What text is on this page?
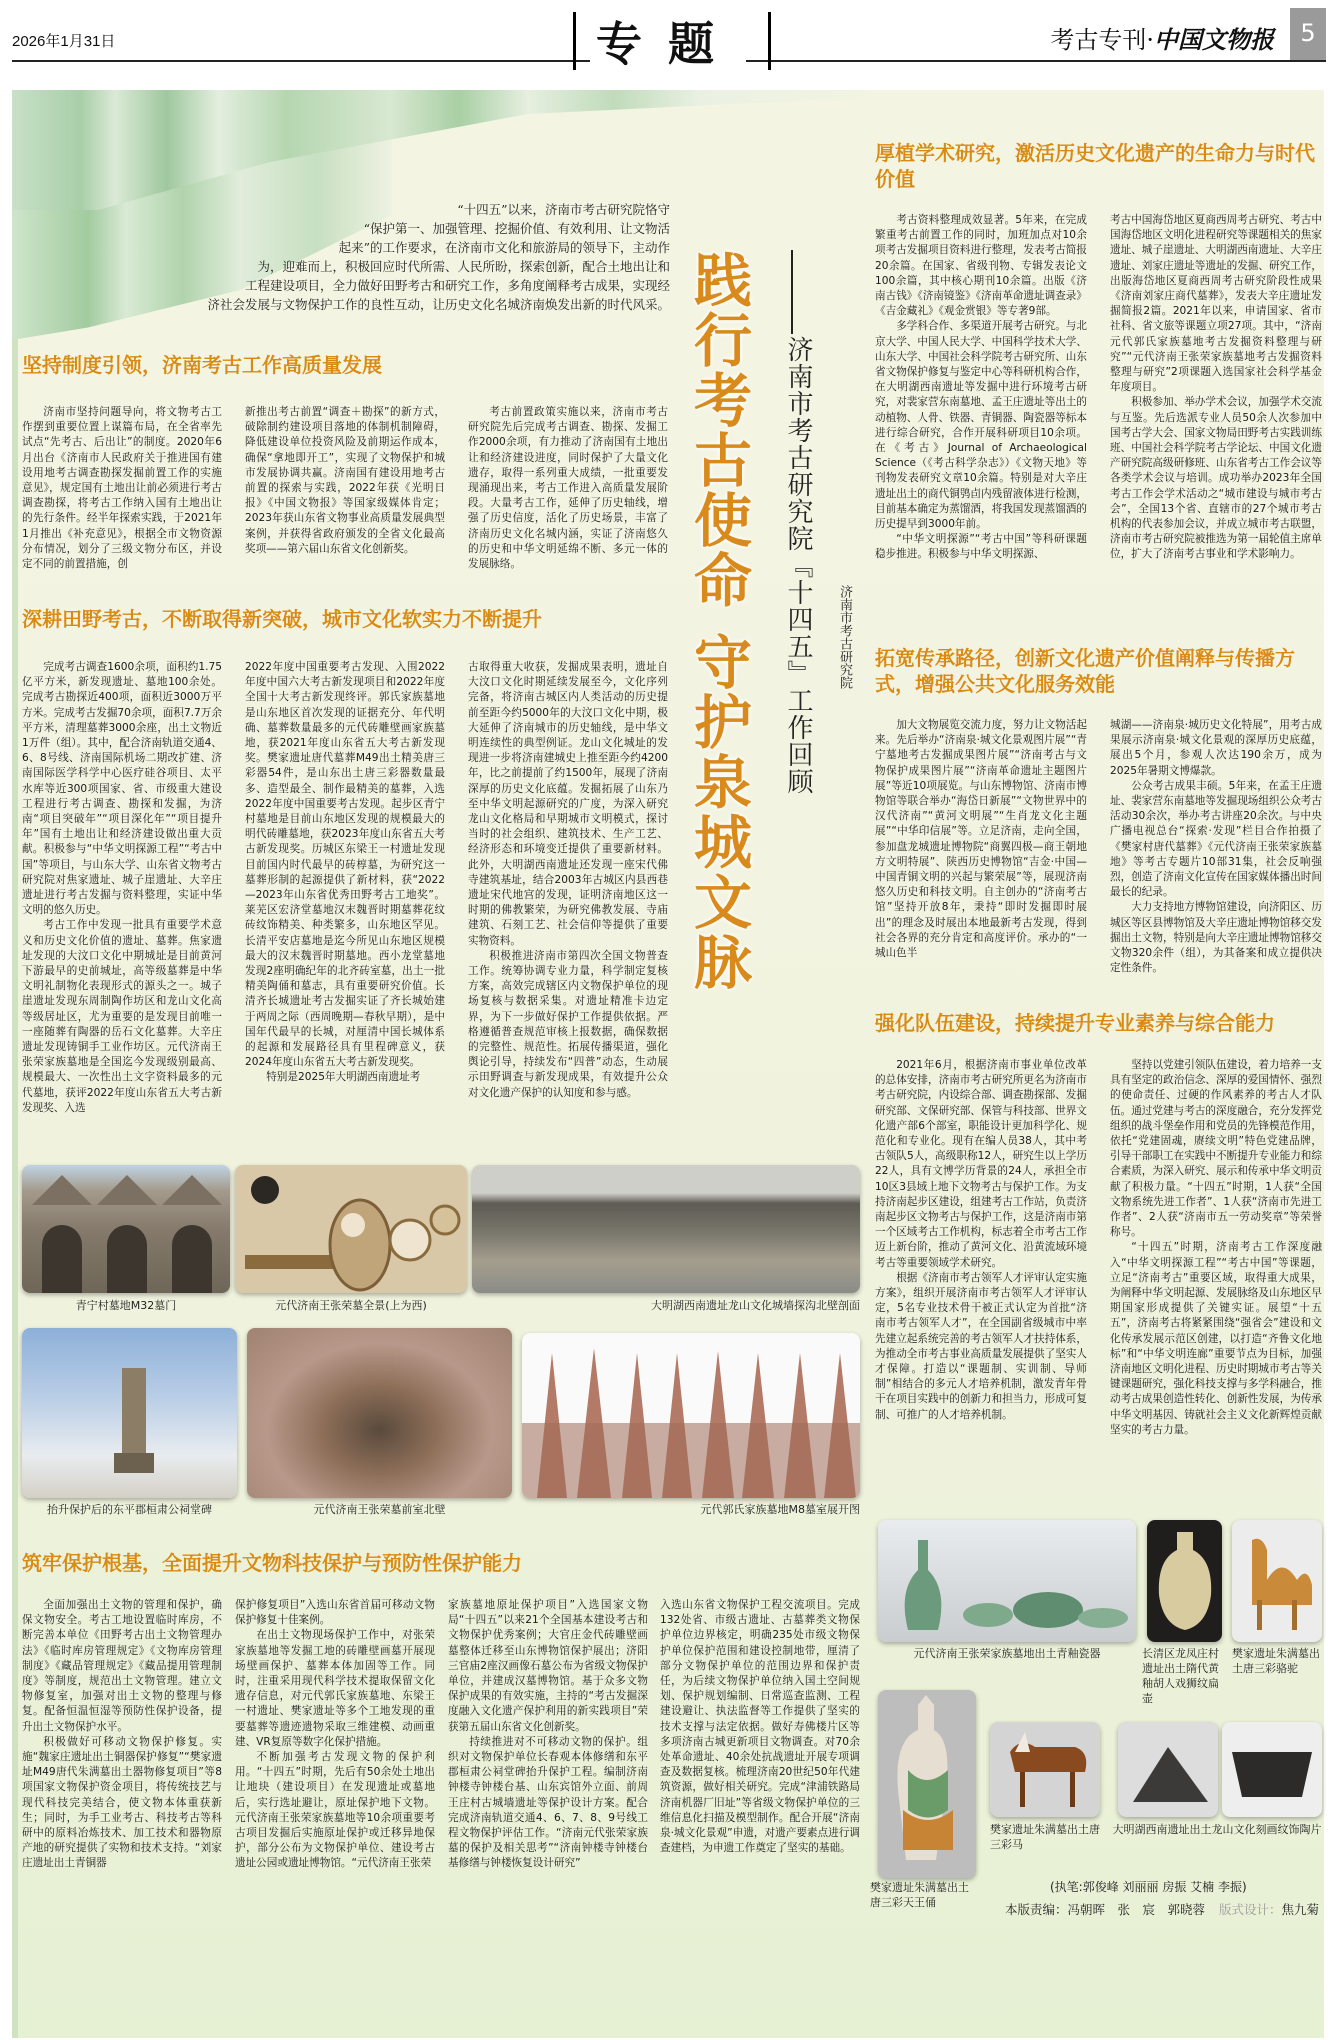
2026年1月31日	专题	考古专刊·中国文物报	5
“十四五”以来，济南市考古研究院恪守
“保护第一、加强管理、挖掘价值、有效利用、让文物活
起来”的工作要求，在济南市文化和旅游局的领导下，主动作
为，迎难而上，积极回应时代所需、人民所盼，探索创新，配合土地出让和
工程建设项目，全力做好田野考古和研究工作，多角度阐释考古成果，实现经
济社会发展与文物保护工作的良性互动，让历史文化名城济南焕发出新的时代风采。 践行考古使命 守护泉城文脉	济南市考古研究院『十四五』工作回顾	济南市考古研究院
坚持制度引领，济南考古工作高质量发展

济南市坚持问题导向，将文物考古工作摆到重要位置上谋篇布局，在全省率先试点“先考古、后出让”的制度。2020年6月出台《济南市人民政府关于推进国有建设用地考古调查勘探发掘前置工作的实施意见》，规定国有土地出让前必须进行考古调查勘探，将考古工作纳入国有土地出让的先行条件。经半年探索实践，于2021年1月推出《补充意见》，根据全市文物资源分布情况，划分了三级文物分布区，并设定不同的前置措施，创

新推出考古前置“调查＋勘探”的新方式，破除制约建设项目落地的体制机制障碍，降低建设单位投资风险及前期运作成本，确保“拿地即开工”，实现了文物保护和城市发展协调共赢。济南国有建设用地考古前置的探索与实践，2022年获《光明日报》《中国文物报》等国家级媒体肯定；2023年获山东省文物事业高质量发展典型案例，并获得省政府颁发的全省文化最高奖项——第六届山东省文化创新奖。

考古前置政策实施以来，济南市考古研究院先后完成考古调查、勘探、发掘工作2000余项，有力推动了济南国有土地出让和经济建设进度，同时保护了大量文化遗存，取得一系列重大成绩，一批重要发现涌现出来，考古工作进入高质量发展阶段。大量考古工作，延伸了历史轴线，增强了历史信度，活化了历史场景，丰富了济南历史文化名城内涵，实证了济南悠久的历史和中华文明延绵不断、多元一体的发展脉络。

深耕田野考古，不断取得新突破，城市文化软实力不断提升

完成考古调查1600余项，面积约1.75亿平方米，新发现遗址、墓地100余处。完成考古勘探近400项，面积近3000万平方米。完成考古发掘70余项，面积7.7万余平方米，清理墓葬3000余座，出土文物近1万件（组）。其中，配合济南轨道交通4、6、8号线、济南国际机场二期改扩建、济南国际医学科学中心医疗硅谷项目、太平水库等近300项国家、省、市级重大建设工程进行考古调查、勘探和发掘，为济南“项目突破年”“项目深化年”“项目提升年”国有土地出让和经济建设做出重大贡献。积极参与“中华文明探源工程”“考古中国”等项目，与山东大学、山东省文物考古研究院对焦家遗址、城子崖遗址、大辛庄遗址进行考古发掘与资料整理，实证中华文明的悠久历史。

考古工作中发现一批具有重要学术意义和历史文化价值的遗址、墓葬。焦家遗址发现的大汶口文化中期城址是目前黄河下游最早的史前城址，高等级墓葬是中华文明礼制物化表现形式的源头之一。城子崖遗址发现东周制陶作坊区和龙山文化高等级居址区，尤为重要的是发现目前唯一一座随葬有陶器的岳石文化墓葬。大辛庄遗址发现铸铜手工业作坊区。元代济南王张荣家族墓地是全国迄今发现级别最高、规模最大、一次性出土文字资料最多的元代墓地，获评2022年度山东省五大考古新发现奖、入选

2022年度中国重要考古发现、入围2022年度中国六大考古新发现项目和2022年度全国十大考古新发现终评。郭氏家族墓地是山东地区首次发现的证据充分、年代明确、墓葬数量最多的元代砖雕壁画家族墓地，获2021年度山东省五大考古新发现奖。樊家遗址唐代墓葬M49出土精美唐三彩器54件，是山东出土唐三彩器数量最多、造型最全、制作最精美的墓葬，入选2022年度中国重要考古发现。起步区青宁村墓地是目前山东地区发现的规模最大的明代砖雕墓地，获2023年度山东省五大考古新发现奖。历城区东梁王一村遗址发现目前国内时代最早的砖椁墓，为研究这一墓葬形制的起源提供了新材料，获“2022—2023年山东省优秀田野考古工地奖”。莱芜区宏济堂墓地汉末魏晋时期墓葬花纹砖纹饰精美、种类繁多，山东地区罕见。长清平安店墓地是迄今所见山东地区规模最大的汉末魏晋时期墓地。西小龙堂墓地发现2座明确纪年的北齐砖室墓，出土一批精美陶俑和墓志，具有重要研究价值。长清齐长城遗址考古发掘实证了齐长城始建于两周之际（西周晚期—春秋早期），是中国年代最早的长城，对厘清中国长城体系的起源和发展路径具有里程碑意义，获2024年度山东省五大考古新发现奖。

特别是2025年大明湖西南遗址考

古取得重大收获，发掘成果表明，遗址自大汶口文化时期延续发展至今，文化序列完备，将济南古城区内人类活动的历史提前至距今约5000年的大汶口文化中期，极大延伸了济南城市的历史轴线，是中华文明连续性的典型例证。龙山文化城址的发现进一步将济南建城史上推至距今约4200年，比之前提前了约1500年，展现了济南深厚的历史文化底蕴。发掘拓展了山东乃至中华文明起源研究的广度，为深入研究龙山文化格局和早期城市文明模式，探讨当时的社会组织、建筑技术、生产工艺、经济形态和环境变迁提供了重要新材料。此外，大明湖西南遗址还发现一座宋代佛寺建筑基址，结合2003年古城区内县西巷遗址宋代地宫的发现，证明济南地区这一时期的佛教繁荣，为研究佛教发展、寺庙建筑、石刻工艺、社会信仰等提供了重要实物资料。

积极推进济南市第四次全国文物普查工作。统筹协调专业力量，科学制定复核方案，高效完成辖区内文物保护单位的现场复核与数据采集。对遗址精准卡边定界，为下一步做好保护工作提供依据。严格遵循普查规范审核上报数据，确保数据的完整性、规范性。拓展传播渠道，强化舆论引导，持续发布“四普”动态，生动展示田野调查与新发现成果，有效提升公众对文化遗产保护的认知度和参与感。

厚植学术研究，激活历史文化遗产的生命力与时代价值

考古资料整理成效显著。5年来，在完成繁重考古前置工作的同时，加班加点对10余项考古发掘项目资料进行整理，发表考古简报20余篇。在国家、省级刊物、专辑发表论文100余篇，其中核心期刊10余篇。出版《济南古钱》《济南镜鉴》《济南革命遗址调查录》《吉金藏礼》《观金赏银》等专著9部。

多学科合作、多渠道开展考古研究。与北京大学、中国人民大学、中国科学技术大学、山东大学、中国社会科学院考古研究所、山东省文物保护修复与鉴定中心等科研机构合作，在大明湖西南遗址等发掘中进行环境考古研究，对裴家营东南墓地、孟王庄遗址等出土的动植物、人骨、铁器、青铜器、陶瓷器等标本进行综合研究，合作开展科研项目10余项。在《考古》Journal of Archaeological Science（《考古科学杂志》）《文物天地》等刊物发表研究文章10余篇。特别是对大辛庄遗址出土的商代铜鸮卣内残留液体进行检测，目前基本确定为蒸馏酒，将我国发现蒸馏酒的历史提早到3000年前。

“中华文明探源”“考古中国”等科研课题稳步推进。积极参与中华文明探源、

考古中国海岱地区夏商西周考古研究、考古中国海岱地区文明化进程研究等课题相关的焦家遗址、城子崖遗址、大明湖西南遗址、大辛庄遗址、刘家庄遗址等遗址的发掘、研究工作，出版海岱地区夏商西周考古研究阶段性成果《济南刘家庄商代墓葬》，发表大辛庄遗址发掘简报2篇。2021年以来，申请国家、省市社科、省文旅等课题立项27项。其中，“济南元代郭氏家族墓地考古发掘资料整理与研究”“元代济南王张荣家族墓地考古发掘资料整理与研究”2项课题入选国家社会科学基金年度项目。

积极参加、举办学术会议，加强学术交流与互鉴。先后选派专业人员50余人次参加中国考古学大会、国家文物局田野考古实践训练班、中国社会科学院考古学论坛、中国文化遗产研究院高级研修班、山东省考古工作会议等各类学术会议与培训。成功举办2023年全国考古工作会学术活动之“城市建设与城市考古会”，全国13个省、直辖市的27个城市考古机构的代表参加会议，并成立城市考古联盟，济南市考古研究院被推选为第一届轮值主席单位，扩大了济南考古事业和学术影响力。

拓宽传承路径，创新文化遗产价值阐释与传播方式，增强公共文化服务效能

加大文物展览交流力度，努力让文物活起来。先后举办“济南泉·城文化景观图片展”“青宁墓地考古发掘成果图片展”“济南考古与文物保护成果图片展”“济南革命遗址主题图片展”等近10项展览。与山东博物馆、济南市博物馆等联合举办“海岱日新展”“文物世界中的汉代济南”“黄河文明展”“生肖龙文化主题展”“中华印信展”等。立足济南，走向全国，参加盘龙城遗址博物院“商翼四极—商王朝地方文明特展”、陕西历史博物馆“吉金·中国—中国青铜文明的兴起与繁荣展”等，展现济南悠久历史和科技文明。自主创办的“济南考古馆”坚持开放8年，秉持“即时发掘即时展出”的理念及时展出本地最新考古发现，得到社会各界的充分肯定和高度评价。承办的“一城山色半

城湖——济南泉·城历史文化特展”，用考古成果展示济南泉·城文化景观的深厚历史底蕴，展出5个月，参观人次达190余万，成为2025年暑期文博爆款。

公众考古成果丰硕。5年来，在孟王庄遗址、裴家营东南墓地等发掘现场组织公众考古活动30余次，举办考古讲座20余次。与中央广播电视总台“探索·发现”栏目合作拍摄了《樊家村唐代墓葬》《元代济南王张荣家族墓地》等考古专题片10部31集，社会反响强烈，创造了济南文化宣传在国家媒体播出时间最长的纪录。

大力支持地方博物馆建设，向济阳区、历城区等区县博物馆及大辛庄遗址博物馆移交发掘出土文物，特别是向大辛庄遗址博物馆移交文物320余件（组），为其备案和成立提供决定性条件。

强化队伍建设，持续提升专业素养与综合能力

2021年6月，根据济南市事业单位改革的总体安排，济南市考古研究所更名为济南市考古研究院，内设综合部、调查勘探部、发掘研究部、文保研究部、保管与科技部、世界文化遗产部6个部室，职能设计更加科学化、规范化和专业化。现有在编人员38人，其中考古领队5人，高级职称12人，研究生以上学历22人，具有文博学历背景的24人，承担全市10区3县域上地下文物考古与保护工作。为支持济南起步区建设，组建考古工作站，负责济南起步区文物考古与保护工作，这是济南市第一个区域考古工作机构，标志着全市考古工作迈上新台阶，推动了黄河文化、沿黄流域环境考古等重要领域学术研究。

根据《济南市考古领军人才评审认定实施方案》，组织开展济南市考古领军人才评审认定，5名专业技术骨干被正式认定为首批“济南市考古领军人才”，在全国副省级城市中率先建立起系统完善的考古领军人才扶持体系，为推动全市考古事业高质量发展提供了坚实人才保障。打造以“课题制、实训制、导师制”相结合的多元人才培养机制，激发青年骨干在项目实践中的创新力和担当力，形成可复制、可推广的人才培养机制。

坚持以党建引领队伍建设，着力培养一支具有坚定的政治信念、深厚的爱国情怀、强烈的使命责任、过硬的作风素养的考古人才队伍。通过党建与考古的深度融合，充分发挥党组织的战斗堡垒作用和党员的先锋模范作用，依托“党建固魂，赓续文明”特色党建品牌，引导干部职工在实践中不断提升专业能力和综合素质，为深入研究、展示和传承中华文明贡献了积极力量。“十四五”时期，1人获“全国文物系统先进工作者”、1人获“济南市先进工作者”、2人获“济南市五一劳动奖章”等荣誉称号。

“十四五”时期，济南考古工作深度融入“中华文明探源工程”“考古中国”等课题，立足“济南考古”重要区域，取得重大成果，为阐释中华文明起源、发展脉络及山东地区早期国家形成提供了关键实证。展望“十五五”，济南考古将紧紧围绕“强省会”建设和文化传承发展示范区创建，以打造“齐鲁文化地标”和“中华文明连廊”重要节点为目标，加强济南地区文明化进程、历史时期城市考古等关键课题研究，强化科技支撑与多学科融合，推动考古成果创造性转化、创新性发展，为传承中华文明基因、铸就社会主义文化新辉煌贡献坚实的考古力量。

青宁村墓地M32墓门	元代济南王张荣墓全景(上为西)	大明湖西南遗址龙山文化城墙探沟北壁剖面
抬升保护后的东平郡桓肃公祠堂碑	元代济南王张荣墓前室北壁	元代郭氏家族墓地M8墓室展开图
筑牢保护根基，全面提升文物科技保护与预防性保护能力

全面加强出土文物的管理和保护，确保文物安全。考古工地设置临时库房，不断完善本单位《田野考古出土文物管理办法》《临时库房管理规定》《文物库房管理制度》《藏品管理规定》《藏品提用管理制度》等制度，规范出土文物管理。建立文物修复室，加强对出土文物的整理与修复。配备恒温恒湿等预防性保护设备，提升出土文物保护水平。

积极做好可移动文物保护修复。实施“魏家庄遗址出土铜器保护修复”“樊家遗址M49唐代朱满墓出土器物修复项目”等8项国家文物保护资金项目，将传统技艺与现代科技完美结合，使文物本体重获新生；同时，为手工业考古、科技考古等科研中的原料冶炼技术、加工技术和器物原产地的研究提供了实物和技术支持。“刘家庄遗址出土青铜器

保护修复项目”入选山东省首届可移动文物保护修复十佳案例。

在出土文物现场保护工作中，对张荣家族墓地等发掘工地的砖雕壁画墓开展现场壁画保护、墓葬本体加固等工作。同时，注重采用现代科学技术提取保留文化遗存信息，对元代郭氏家族墓地、东梁王一村遗址、樊家遗址等多个工地发现的重要墓葬等遗迹遗物采取三维建模、动画重建、VR复原等数字化保护措施。

不断加强考古发现文物的保护利用。“十四五”时期，先后有50余处土地出让地块（建设项目）在发现遗址或墓地后，实行选址避让，原址保护地下文物。元代济南王张荣家族墓地等10余项重要考古项目发掘后实施原址保护或迁移异地保护，部分公布为文物保护单位、建设考古遗址公园或遗址博物馆。“元代济南王张荣

家族墓地原址保护项目”入选国家文物局“十四五”以来21个全国基本建设考古和文物保护优秀案例；大官庄金代砖雕壁画墓整体迁移至山东博物馆保护展出；济阳三官庙2座汉画像石墓公布为省级文物保护单位，并建成汉墓博物馆。基于众多文物保护成果的有效实施，主持的“考古发掘深度融入文化遗产保护利用的新实践项目”荣获第五届山东省文化创新奖。

持续推进对不可移动文物的保护。组织对文物保护单位长春观本体修缮和东平郡桓肃公祠堂碑抬升保护工程。编制济南钟楼寺钟楼台基、山东宾馆外立面、前周王庄村古城墙遗址等保护设计方案。配合完成济南轨道交通4、6、7、8、9号线工程文物保护评估工作。“济南元代张荣家族墓的保护及相关思考”“济南钟楼寺钟楼台基修缮与钟楼恢复设计研究”

入选山东省文物保护工程交流项目。完成132处省、市级古遗址、古墓葬类文物保护单位边界核定，明确235处市级文物保护单位保护范围和建设控制地带，厘清了部分文物保护单位的范围边界和保护责任，为后续文物保护单位纳入国土空间规划、保护规划编制、日常巡查监测、工程建设避让、执法监督等工作提供了坚实的技术支撑与法定依据。做好寿佛楼片区等多项济南古城更新项目文物调查。对70余处革命遗址、40余处抗战遗址开展专项调查及数据复核。梳理济南20世纪50年代建筑资源，做好相关研究。完成“津浦铁路局济南机器厂旧址”等省级文物保护单位的三维信息化扫描及模型制作。配合开展“济南泉·城文化景观”申遗，对遗产要素点进行调查建档，为申遗工作奠定了坚实的基础。

元代济南王张荣家族墓地出土青釉瓷器	长清区龙凤庄村遗址出土隋代黄釉胡人戏狮纹扁壶
樊家遗址朱满墓出土唐三彩骆驼
樊家遗址朱满墓出土唐三彩天王俑
樊家遗址朱满墓出土唐三彩马
大明湖西南遗址出土龙山文化刻画纹饰陶片
(执笔:郭俊峰 刘丽丽 房振 艾楠 李振)
本版责编：冯朝晖　张　宸　郭晓蓉 版式设计：焦九菊
